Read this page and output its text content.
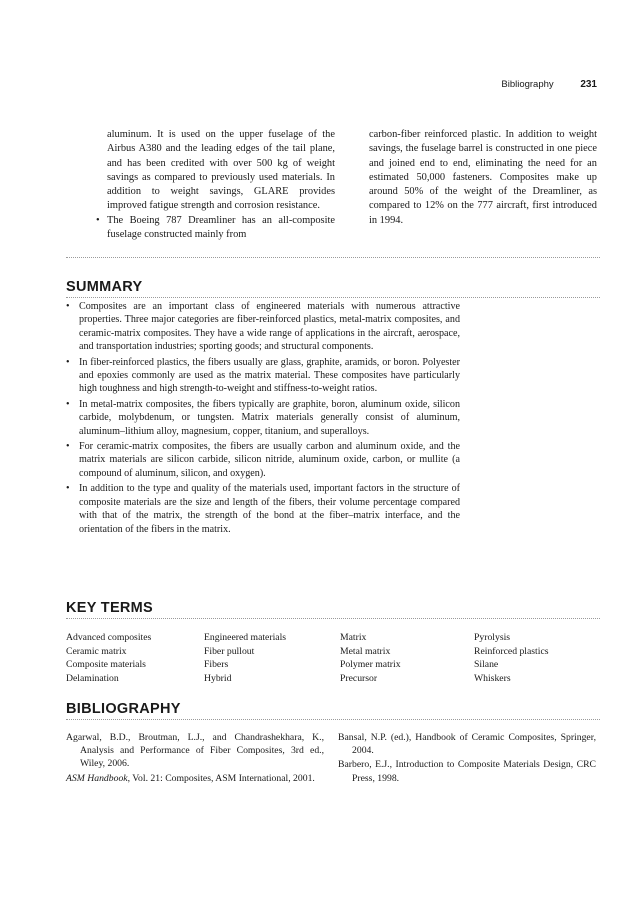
Bibliography	231

aluminum. It is used on the upper fuselage of the Airbus A380 and the leading edges of the tail plane, and has been credited with over 500 kg of weight savings as compared to previously used materials. In addition to weight savings, GLARE provides improved fatigue strength and corrosion resistance.

• The Boeing 787 Dreamliner has an all-composite fuselage constructed mainly from

carbon-fiber reinforced plastic. In addition to weight savings, the fuselage barrel is constructed in one piece and joined end to end, eliminating the need for an estimated 50,000 fasteners. Composites make up around 50% of the weight of the Dreamliner, as compared to 12% on the 777 aircraft, first introduced in 1994.

SUMMARY
• Composites are an important class of engineered materials with numerous attractive properties. Three major categories are fiber-reinforced plastics, metal-matrix composites, and ceramic-matrix composites. They have a wide range of applications in the aircraft, aerospace, and transportation industries; sporting goods; and structural components.
• In fiber-reinforced plastics, the fibers usually are glass, graphite, aramids, or boron. Polyester and epoxies commonly are used as the matrix material. These composites have particularly high toughness and high strength-to-weight and stiffness-to-weight ratios.
• In metal-matrix composites, the fibers typically are graphite, boron, aluminum oxide, silicon carbide, molybdenum, or tungsten. Matrix materials generally consist of aluminum, aluminum–lithium alloy, magnesium, copper, titanium, and superalloys.
• For ceramic-matrix composites, the fibers are usually carbon and aluminum oxide, and the matrix materials are silicon carbide, silicon nitride, aluminum oxide, carbon, or mullite (a compound of aluminum, silicon, and oxygen).
• In addition to the type and quality of the materials used, important factors in the structure of composite materials are the size and length of the fibers, their volume percentage compared with that of the matrix, the strength of the bond at the fiber–matrix interface, and the orientation of the fibers in the matrix.
KEY TERMS
Advanced composites	Engineered materials	Matrix	Pyrolysis
Ceramic matrix	Fiber pullout	Metal matrix	Reinforced plastics
Composite materials	Fibers	Polymer matrix	Silane
Delamination	Hybrid	Precursor	Whiskers
BIBLIOGRAPHY

Agarwal, B.D., Broutman, L.J., and Chandrashekhara, K., Analysis and Performance of Fiber Composites, 3rd ed., Wiley, 2006.

ASM Handbook, Vol. 21: Composites, ASM International, 2001.

Bansal, N.P. (ed.), Handbook of Ceramic Composites, Springer, 2004.

Barbero, E.J., Introduction to Composite Materials Design, CRC Press, 1998.
